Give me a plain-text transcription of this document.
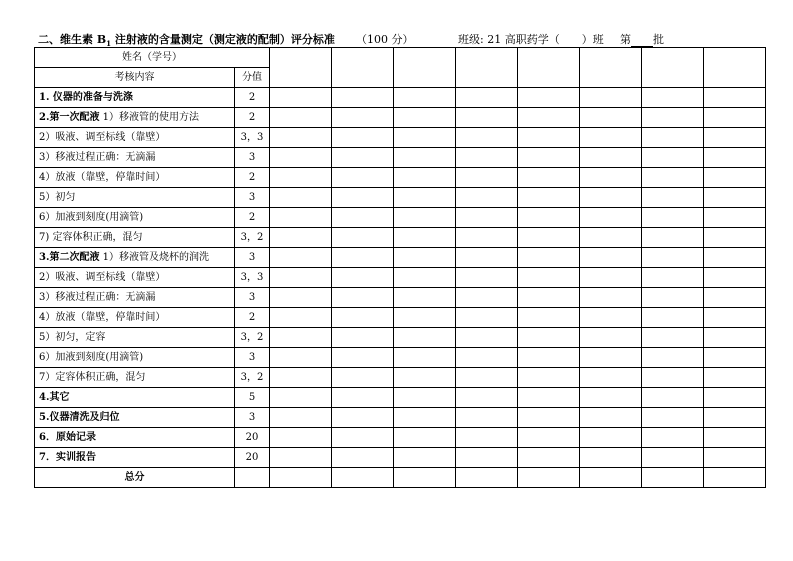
二、维生素 $B_1$ 注射液的含量测定（测定液的配制）评分标准 （100 分）	班级: 21 高职药学（　　）班 第 批
姓名（学号）									
考核内容	分值								
1. 仪器的准备与洗涤	2								
2.第一次配液 1）移液管的使用方法	2								
2）吸液、调至标线（靠壁）	3，3								
3）移液过程正确：无滴漏	3								
4）放液（靠壁，停靠时间）	2								
5）初匀	3								
6）加液到刻度(用滴管)	2								
7) 定容体积正确，混匀	3，2								
3.第二次配液 1）移液管及烧杯的润洗	3								
2）吸液、调至标线（靠壁）	3，3								
3）移液过程正确：无滴漏	3								
4）放液（靠壁，停靠时间）	2								
5）初匀，定容	3，2								
6）加液到刻度(用滴管)	3								
7）定容体积正确，混匀	3，2								
4.其它	5								
5.仪器清洗及归位	3								
6．原始记录	20								
7．实训报告	20								
总分									
